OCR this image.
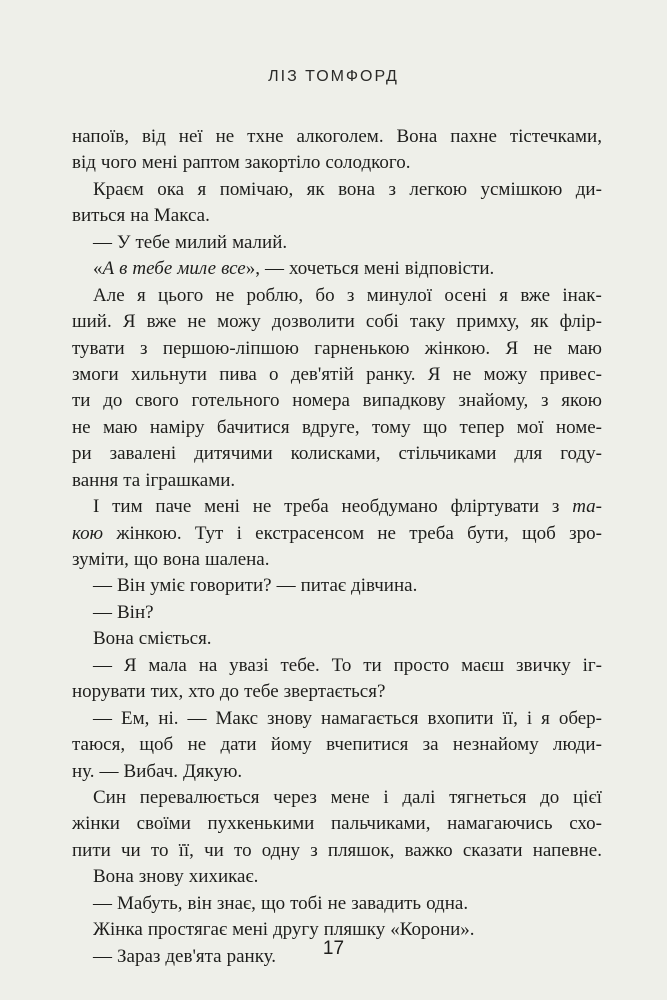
ЛІЗ ТОМФОРД
напоїв, від неї не тхне алкоголем. Вона пахне тістечками,
від чого мені раптом закортіло солодкого.
Краєм ока я помічаю, як вона з легкою усмішкою ди-
виться на Макса.
— У тебе милий малий.
«А в тебе миле все», — хочеться мені відповісти.
Але я цього не роблю, бо з минулої осені я вже інак-
ший. Я вже не можу дозволити собі таку примху, як флір-
тувати з першою-ліпшою гарненькою жінкою. Я не маю
змоги хильнути пива о дев'ятій ранку. Я не можу привес-
ти до свого готельного номера випадкову знайому, з якою
не маю наміру бачитися вдруге, тому що тепер мої номе-
ри завалені дитячими колисками, стільчиками для году-
вання та іграшками.
І тим паче мені не треба необдумано фліртувати з та-
кою жінкою. Тут і екстрасенсом не треба бути, щоб зро-
зуміти, що вона шалена.
— Він уміє говорити? — питає дівчина.
— Він?
Вона сміється.
— Я мала на увазі тебе. То ти просто маєш звичку іг-
норувати тих, хто до тебе звертається?
— Ем, ні. — Макс знову намагається вхопити її, і я обер-
таюся, щоб не дати йому вчепитися за незнайому люди-
ну. — Вибач. Дякую.
Син перевалюється через мене і далі тягнеться до цієї
жінки своїми пухкенькими пальчиками, намагаючись схо-
пити чи то її, чи то одну з пляшок, важко сказати напевне.
Вона знову хихикає.
— Мабуть, він знає, що тобі не завадить одна.
Жінка простягає мені другу пляшку «Корони».
— Зараз дев'ята ранку.	17
